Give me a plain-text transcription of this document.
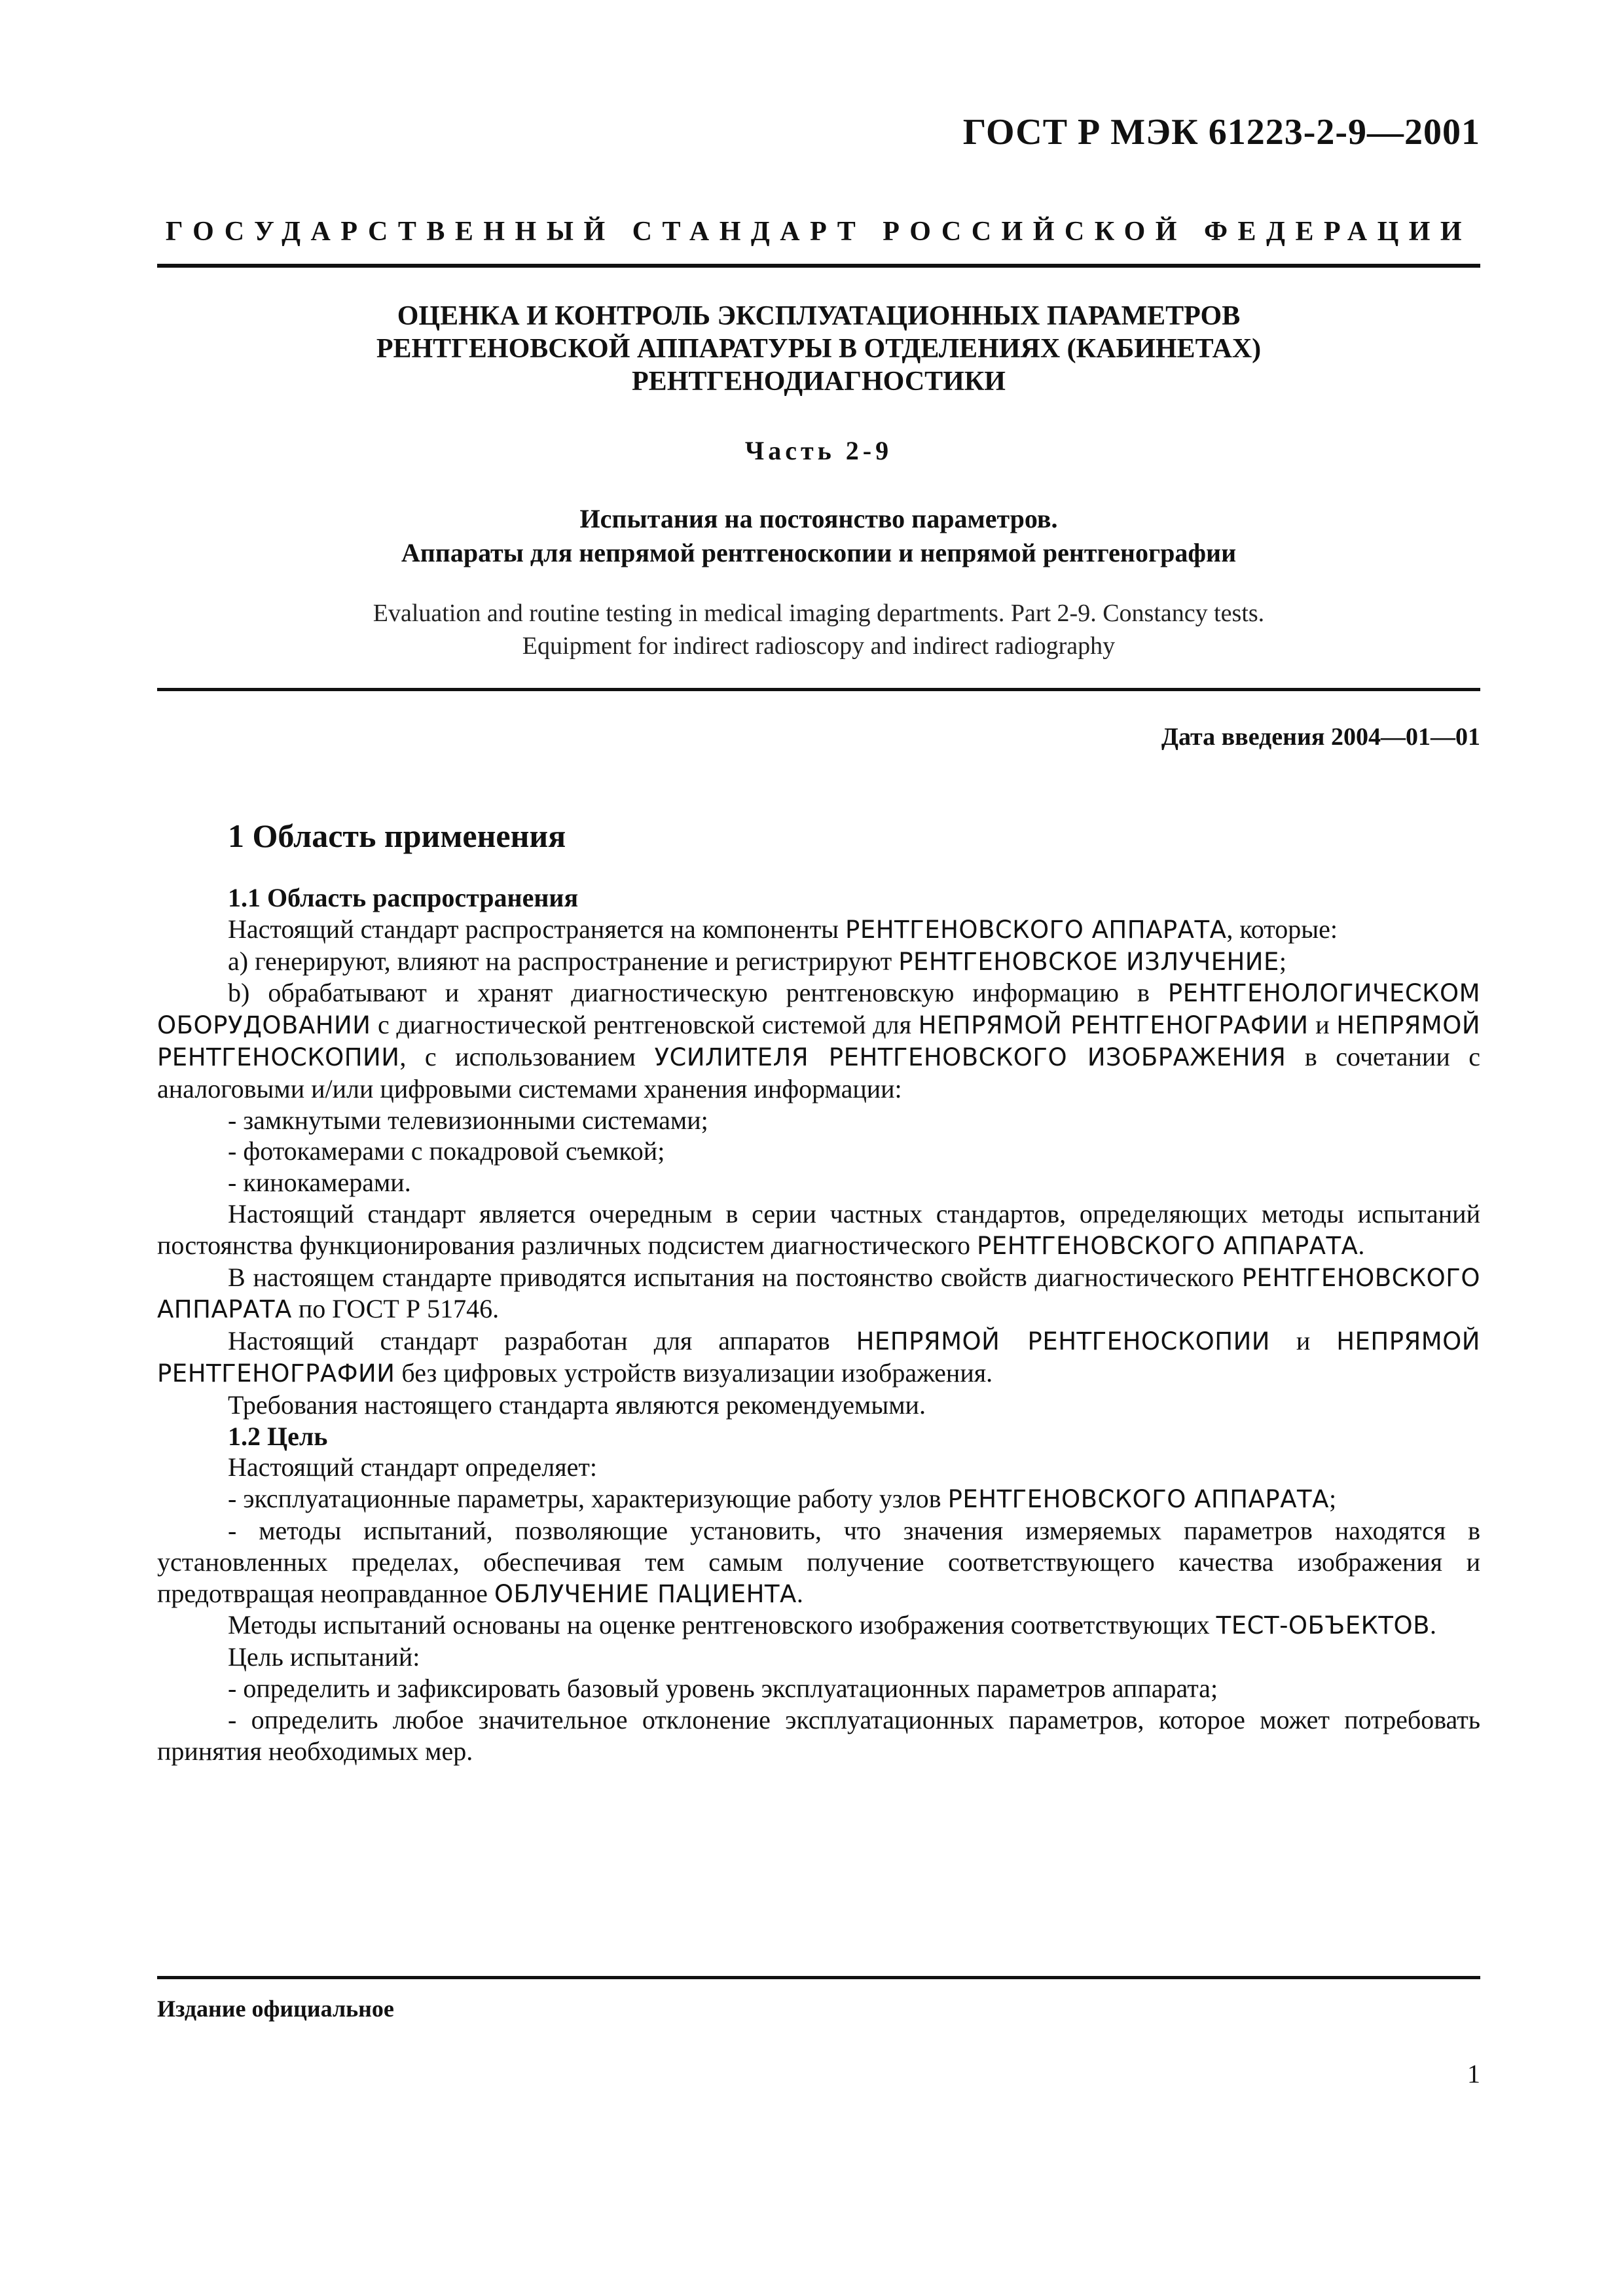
ГОСТ Р МЭК 61223-2-9—2001
ГОСУДАРСТВЕННЫЙ СТАНДАРТ РОССИЙСКОЙ ФЕДЕРАЦИИ
ОЦЕНКА И КОНТРОЛЬ ЭКСПЛУАТАЦИОННЫХ ПАРАМЕТРОВ
РЕНТГЕНОВСКОЙ АППАРАТУРЫ В ОТДЕЛЕНИЯХ (КАБИНЕТАХ)
РЕНТГЕНОДИАГНОСТИКИ
Часть 2-9
Испытания на постоянство параметров.
Аппараты для непрямой рентгеноскопии и непрямой рентгенографии
Evaluation and routine testing in medical imaging departments. Part 2-9. Constancy tests.
Equipment for indirect radioscopy and indirect radiography
Дата введения 2004—01—01
1 Область применения

1.1 Область распространения

Настоящий стандарт распространяется на компоненты РЕНТГЕНОВСКОГО АППАРАТА, которые:

a) генерируют, влияют на распространение и регистрируют РЕНТГЕНОВСКОЕ ИЗЛУЧЕНИЕ;

b) обрабатывают и хранят диагностическую рентгеновскую информацию в РЕНТГЕНОЛОГИЧЕСКОМ ОБОРУДОВАНИИ с диагностической рентгеновской системой для НЕПРЯМОЙ РЕНТГЕНОГРАФИИ и НЕПРЯМОЙ РЕНТГЕНОСКОПИИ, с использованием УСИЛИТЕЛЯ РЕНТГЕНОВСКОГО ИЗОБРАЖЕНИЯ в сочетании с аналоговыми и/или цифровыми системами хранения информации:

- замкнутыми телевизионными системами;

- фотокамерами с покадровой съемкой;

- кинокамерами.

Настоящий стандарт является очередным в серии частных стандартов, определяющих методы испытаний постоянства функционирования различных подсистем диагностического РЕНТГЕНОВСКОГО АППАРАТА.

В настоящем стандарте приводятся испытания на постоянство свойств диагностического РЕНТГЕНОВСКОГО АППАРАТА по ГОСТ Р 51746.

Настоящий стандарт разработан для аппаратов НЕПРЯМОЙ РЕНТГЕНОСКОПИИ и НЕПРЯМОЙ РЕНТГЕНОГРАФИИ без цифровых устройств визуализации изображения.

Требования настоящего стандарта являются рекомендуемыми.

1.2 Цель

Настоящий стандарт определяет:

- эксплуатационные параметры, характеризующие работу узлов РЕНТГЕНОВСКОГО АППАРАТА;

- методы испытаний, позволяющие установить, что значения измеряемых параметров находятся в установленных пределах, обеспечивая тем самым получение соответствующего качества изображения и предотвращая неоправданное ОБЛУЧЕНИЕ ПАЦИЕНТА.

Методы испытаний основаны на оценке рентгеновского изображения соответствующих ТЕСТ-ОБЪЕКТОВ.

Цель испытаний:

- определить и зафиксировать базовый уровень эксплуатационных параметров аппарата;

- определить любое значительное отклонение эксплуатационных параметров, которое может потребовать принятия необходимых мер.

Издание официальное
1
